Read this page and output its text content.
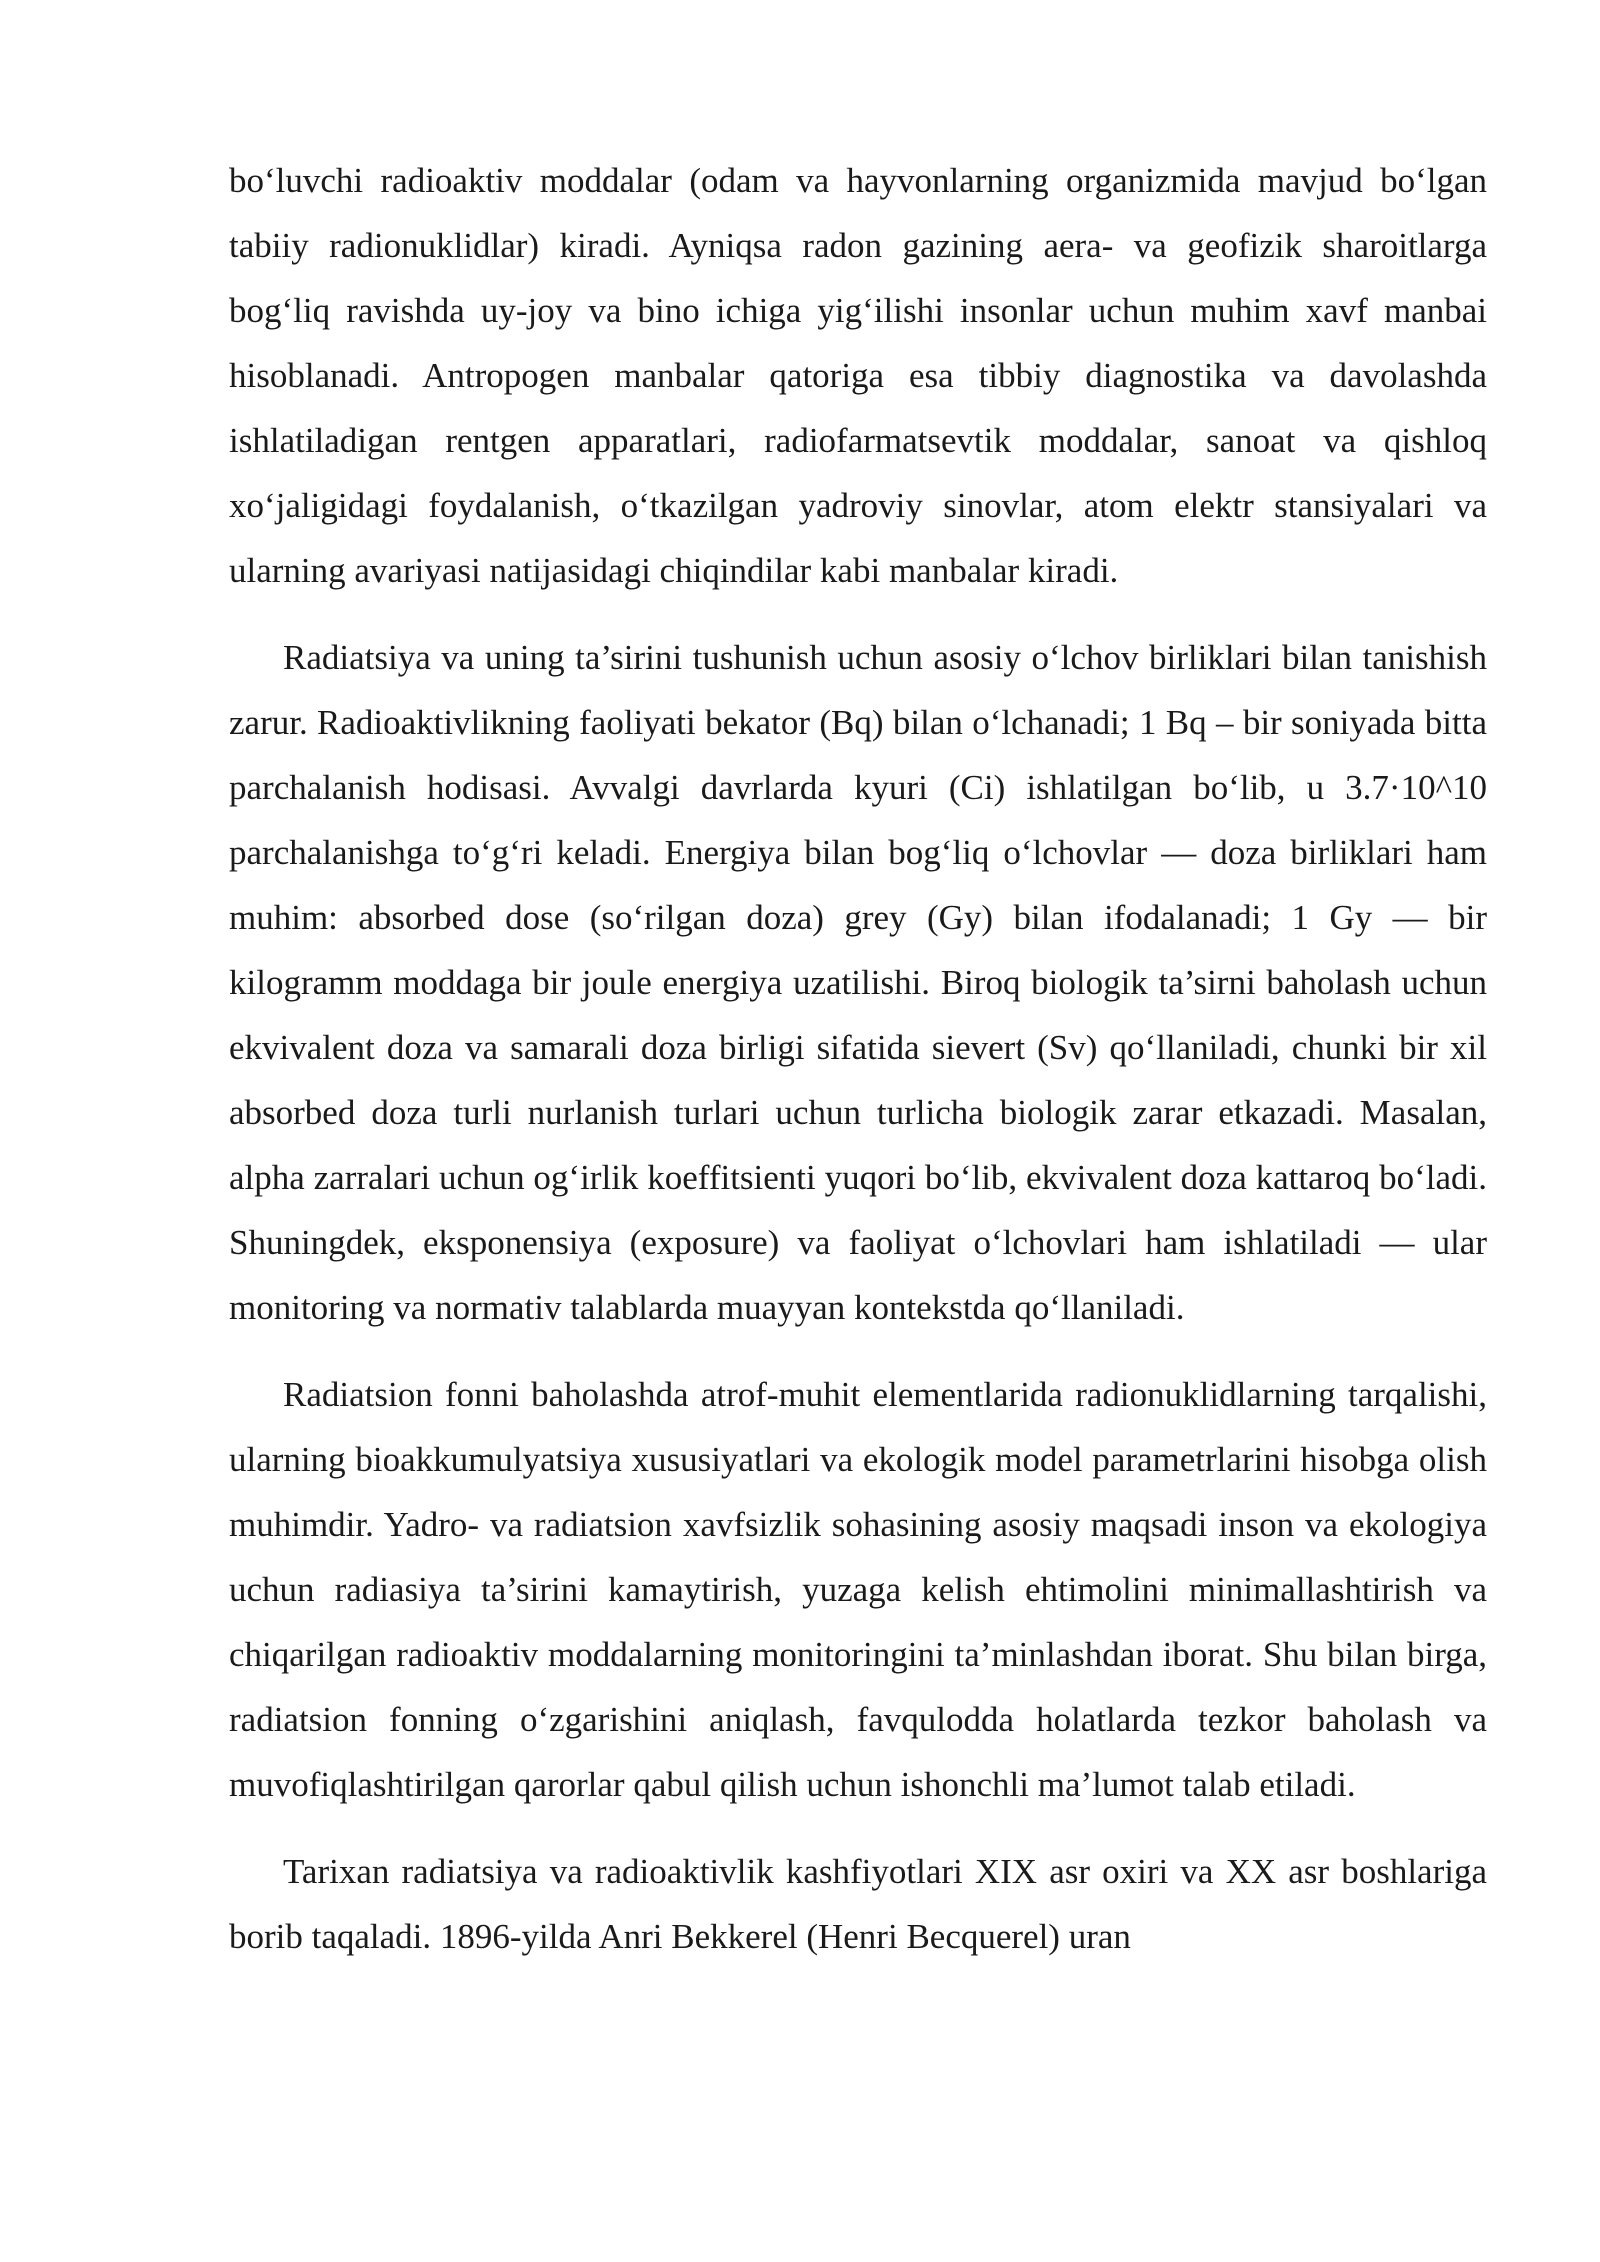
bo‘luvchi radioaktiv moddalar (odam va hayvonlarning organizmida mavjud bo‘lgan tabiiy radionuklidlar) kiradi. Ayniqsa radon gazining aera- va geofizik sharoitlarga bog‘liq ravishda uy-joy va bino ichiga yig‘ilishi insonlar uchun muhim xavf manbai hisoblanadi. Antropogen manbalar qatoriga esa tibbiy diagnostika va davolashda ishlatiladigan rentgen apparatlari, radiofarmatsevtik moddalar, sanoat va qishloq xo‘jaligidagi foydalanish, o‘tkazilgan yadroviy sinovlar, atom elektr stansiyalari va ularning avariyasi natijasidagi chiqindilar kabi manbalar kiradi.

Radiatsiya va uning ta’sirini tushunish uchun asosiy o‘lchov birliklari bilan tanishish zarur. Radioaktivlikning faoliyati bekator (Bq) bilan o‘lchanadi; 1 Bq – bir soniyada bitta parchalanish hodisasi. Avvalgi davrlarda kyuri (Ci) ishlatilgan bo‘lib, u 3.7·10^10 parchalanishga to‘g‘ri keladi. Energiya bilan bog‘liq o‘lchovlar — doza birliklari ham muhim: absorbed dose (so‘rilgan doza) grey (Gy) bilan ifodalanadi; 1 Gy — bir kilogramm moddaga bir joule energiya uzatilishi. Biroq biologik ta’sirni baholash uchun ekvivalent doza va samarali doza birligi sifatida sievert (Sv) qo‘llaniladi, chunki bir xil absorbed doza turli nurlanish turlari uchun turlicha biologik zarar etkazadi. Masalan, alpha zarralari uchun og‘irlik koeffitsienti yuqori bo‘lib, ekvivalent doza kattaroq bo‘ladi. Shuningdek, eksponensiya (exposure) va faoliyat o‘lchovlari ham ishlatiladi — ular monitoring va normativ talablarda muayyan kontekstda qo‘llaniladi.

Radiatsion fonni baholashda atrof-muhit elementlarida radionuklidlarning tarqalishi, ularning bioakkumulyatsiya xususiyatlari va ekologik model parametrlarini hisobga olish muhimdir. Yadro- va radiatsion xavfsizlik sohasining asosiy maqsadi inson va ekologiya uchun radiasiya ta’sirini kamaytirish, yuzaga kelish ehtimolini minimallashtirish va chiqarilgan radioaktiv moddalarning monitoringini ta’minlashdan iborat. Shu bilan birga, radiatsion fonning o‘zgarishini aniqlash, favqulodda holatlarda tezkor baholash va muvofiqlashtirilgan qarorlar qabul qilish uchun ishonchli ma’lumot talab etiladi.

Tarixan radiatsiya va radioaktivlik kashfiyotlari XIX asr oxiri va XX asr boshlariga borib taqaladi. 1896-yilda Anri Bekkerel (Henri Becquerel) uran
